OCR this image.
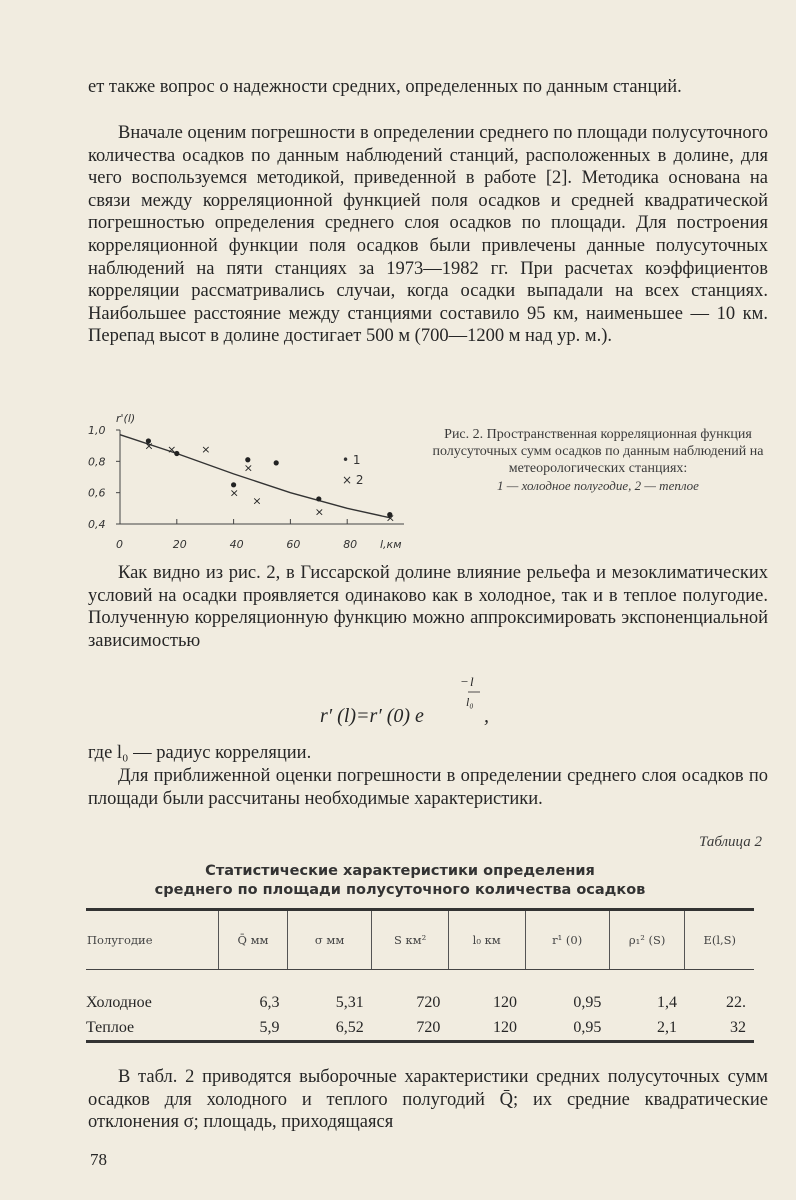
ет также вопрос о надежности средних, определенных по данным станций.

Вначале оценим погрешности в определении среднего по площади полусуточного количества осадков по данным наблюдений станций, расположенных в долине, для чего воспользуемся методикой, приведенной в работе [2]. Методика основана на связи между корреляционной функцией поля осадков и средней квадратической погрешностью определения среднего слоя осадков по площади. Для построения корреляционной функции поля осадков были привлечены данные полусуточных наблюдений на пяти станциях за 1973—1982 гг. При расчетах коэффициентов корреляции рассматривались случаи, когда осадки выпадали на всех станциях. Наибольшее расстояние между станциями составило 95 км, наименьшее — 10 км. Перепад высот в долине достигает 500 м (700—1200 м над ур. м.).

r'(l)
l,км
0,4
0,6
0,8
1,0
0	20	40	60	80
× × ×
×
×
×
×	×
• 1
× 2
Рис. 2. Пространственная корреляционная функция полусуточных сумм осадков по данным наблюдений на метеорологических станциях:
1 — холодное полугодие, 2 — теплое

Как видно из рис. 2, в Гиссарской долине влияние рельефа и мезоклиматических условий на осадки проявляется одинаково как в холодное, так и в теплое полугодие. Полученную корреляционную функцию можно аппроксимировать экспоненциальной зависимостью

r′ (l)=r′ (0) e
− l
l₀
,

где l₀ — радиус корреляции.

Для приближенной оценки погрешности в определении среднего слоя осадков по площади были рассчитаны необходимые характеристики.

Таблица 2
Статистические характеристики определения
среднего по площади полусуточного количества осадков
Полугодие	Q̄ мм	σ мм	S км²	l₀ км	r¹ (0)	ρ₁² (S)	E(l,S)
Холодное	6,3	5,31	720	120	0,95	1,4	22.
Теплое	5,9	6,52	720	120	0,95	2,1	32

В табл. 2 приводятся выборочные характеристики средних полусуточных сумм осадков для холодного и теплого полугодий Q̄; их средние квадратические отклонения σ; площадь, приходящаяся

78
